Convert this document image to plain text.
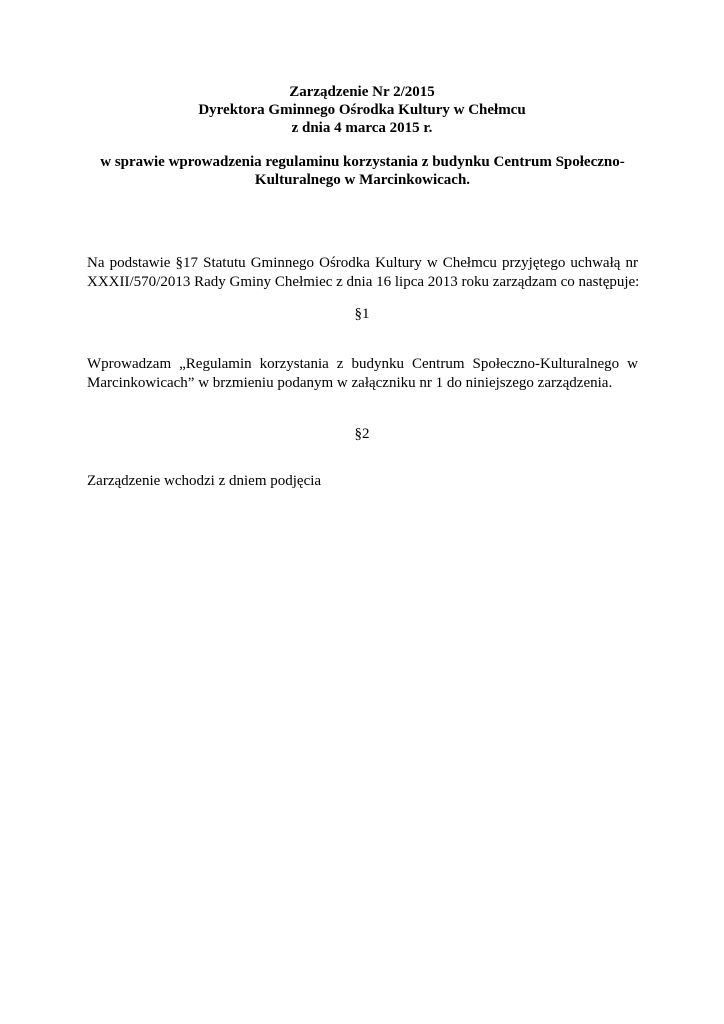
Zarządzenie Nr 2/2015
Dyrektora Gminnego Ośrodka Kultury w Chełmcu
z dnia 4 marca 2015 r.
w sprawie wprowadzenia regulaminu korzystania z budynku Centrum Społeczno-
Kulturalnego w Marcinkowicach.
Na podstawie §17 Statutu Gminnego Ośrodka Kultury w Chełmcu przyjętego uchwałą nr
XXXII/570/2013 Rady Gminy Chełmiec z dnia 16 lipca 2013 roku zarządzam co następuje:
§1
Wprowadzam „Regulamin korzystania z budynku Centrum Społeczno-Kulturalnego w
Marcinkowicach” w brzmieniu podanym w załączniku nr 1 do niniejszego zarządzenia.
§2
Zarządzenie wchodzi z dniem podjęcia
